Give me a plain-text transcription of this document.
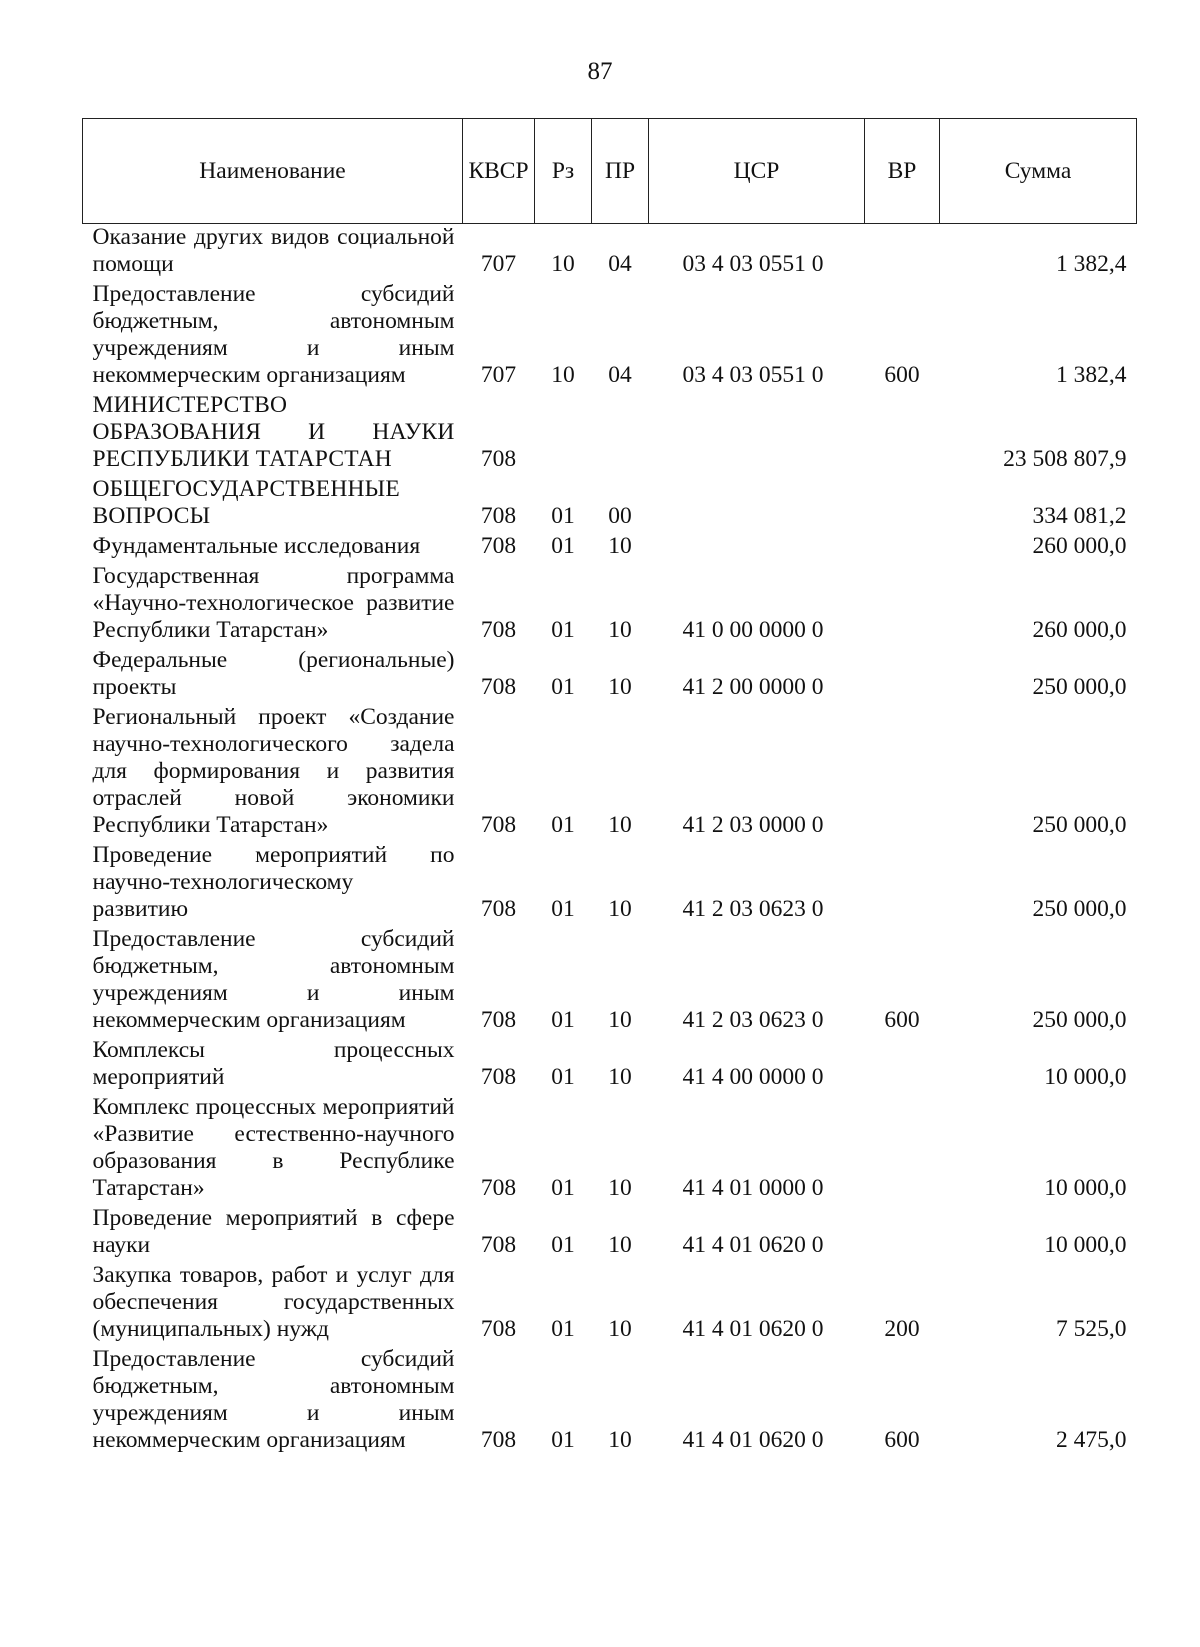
87
Наименование	КВСР	Рз	ПР	ЦСР	ВР	Сумма
Оказание других видов социальной помощи	707	10	04	03 4 03 0551 0		1 382,4
Предоставление субсидий бюджетным, автономным учреждениям и иным некоммерческим организациям	707	10	04	03 4 03 0551 0	600	1 382,4
МИНИСТЕРСТВО ОБРАЗОВАНИЯ И НАУКИ РЕСПУБЛИКИ ТАТАРСТАН	708					23 508 807,9
ОБЩЕГОСУДАРСТВЕННЫЕ ВОПРОСЫ	708	01	00			334 081,2
Фундаментальные исследования	708	01	10			260 000,0
Государственная программа «Научно-технологическое развитие Республики Татарстан»	708	01	10	41 0 00 0000 0		260 000,0
Федеральные (региональные) проекты	708	01	10	41 2 00 0000 0		250 000,0
Региональный проект «Создание научно-технологического задела для формирования и развития отраслей новой экономики Республики Татарстан»	708	01	10	41 2 03 0000 0		250 000,0
Проведение мероприятий по научно-технологическому развитию	708	01	10	41 2 03 0623 0		250 000,0
Предоставление субсидий бюджетным, автономным учреждениям и иным некоммерческим организациям	708	01	10	41 2 03 0623 0	600	250 000,0
Комплексы процессных мероприятий	708	01	10	41 4 00 0000 0		10 000,0
Комплекс процессных мероприятий «Развитие естественно-научного образования в Республике Татарстан»	708	01	10	41 4 01 0000 0		10 000,0
Проведение мероприятий в сфере науки	708	01	10	41 4 01 0620 0		10 000,0
Закупка товаров, работ и услуг для обеспечения государственных (муниципальных) нужд	708	01	10	41 4 01 0620 0	200	7 525,0
Предоставление субсидий бюджетным, автономным учреждениям и иным некоммерческим организациям	708	01	10	41 4 01 0620 0	600	2 475,0
